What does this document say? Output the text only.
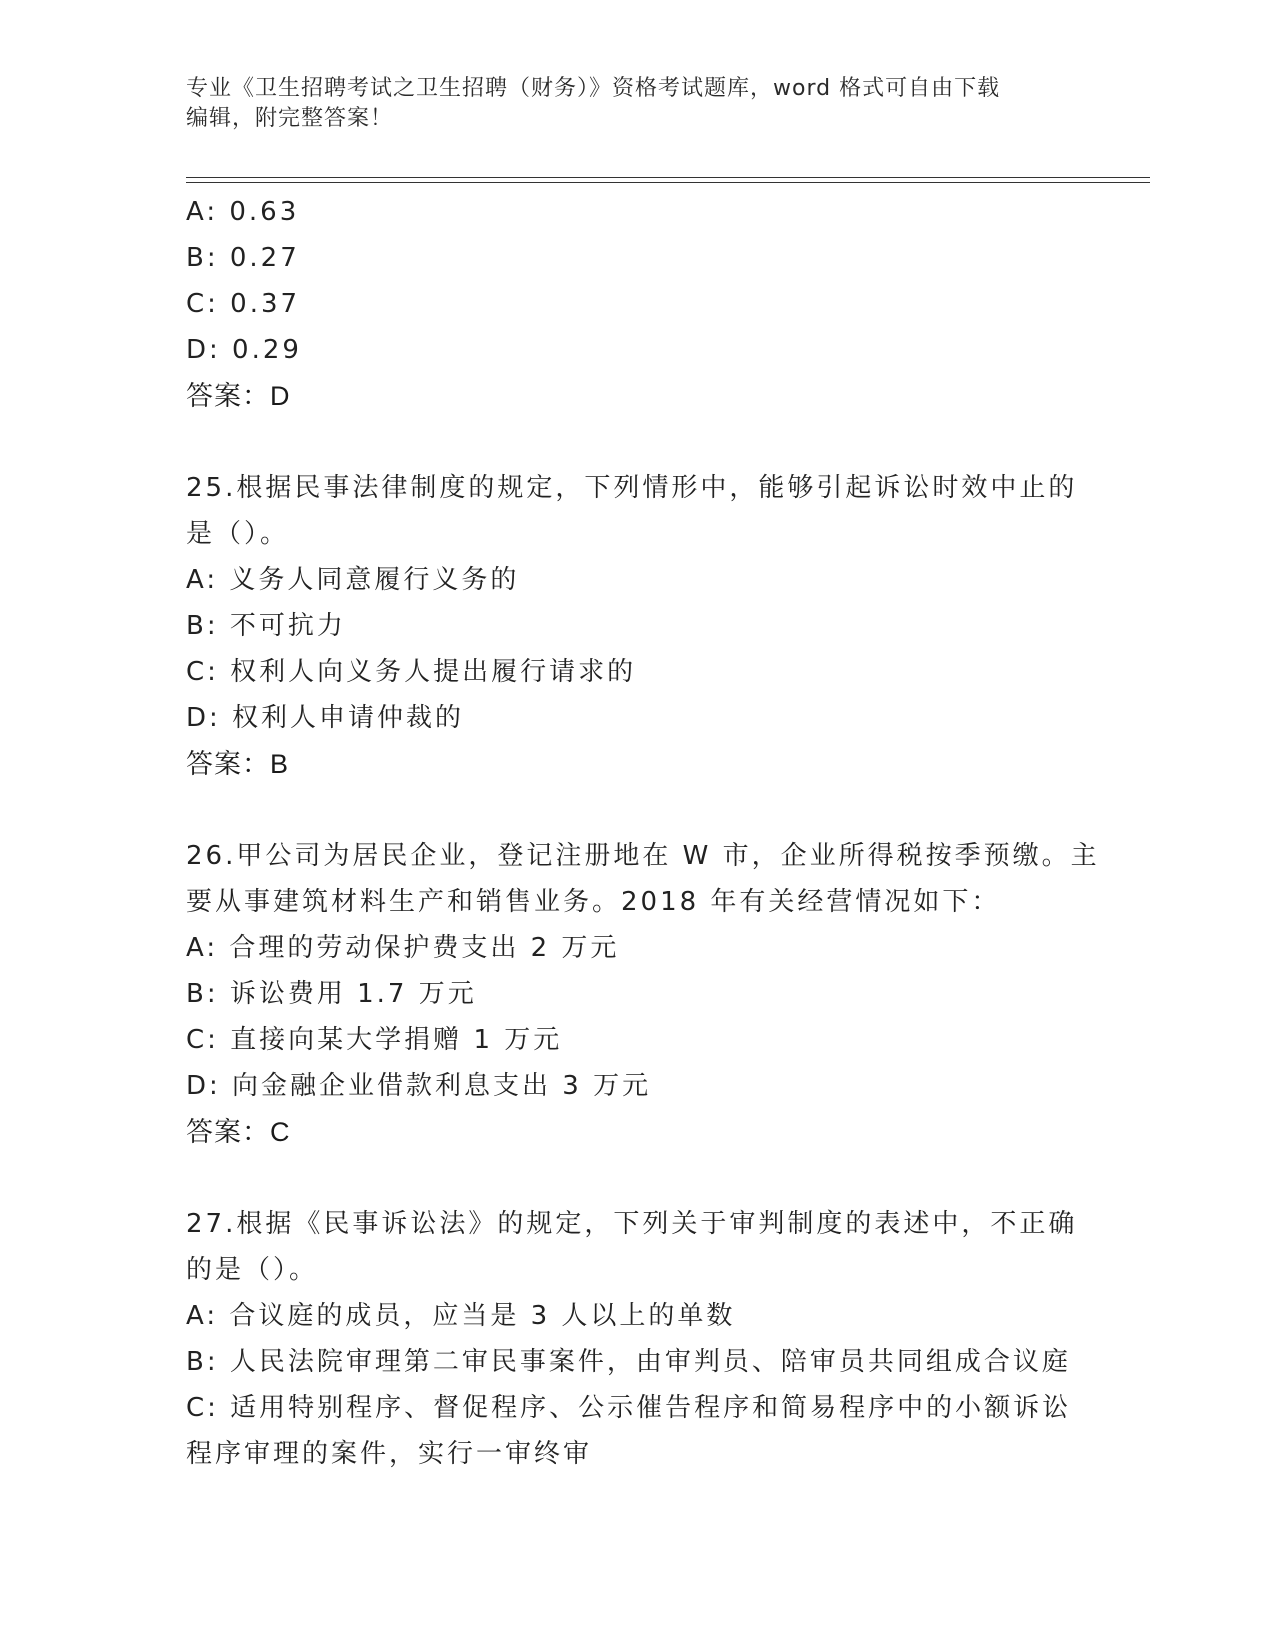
专业《卫生招聘考试之卫生招聘（财务）》资格考试题库，word 格式可自由下载
编辑，附完整答案！
A: 0.63
B: 0.27
C: 0.37
D: 0.29
答案：D
25.根据民事法律制度的规定，下列情形中，能够引起诉讼时效中止的
是（）。
A: 义务人同意履行义务的
B: 不可抗力
C: 权利人向义务人提出履行请求的
D: 权利人申请仲裁的
答案：B
26.甲公司为居民企业，登记注册地在 W 市，企业所得税按季预缴。主
要从事建筑材料生产和销售业务。2018 年有关经营情况如下：
A: 合理的劳动保护费支出 2 万元
B: 诉讼费用 1.7 万元
C: 直接向某大学捐赠 1 万元
D: 向金融企业借款利息支出 3 万元
答案：C
27.根据《民事诉讼法》的规定，下列关于审判制度的表述中，不正确
的是（）。
A: 合议庭的成员，应当是 3 人以上的单数
B: 人民法院审理第二审民事案件，由审判员、陪审员共同组成合议庭
C: 适用特别程序、督促程序、公示催告程序和简易程序中的小额诉讼
程序审理的案件，实行一审终审
